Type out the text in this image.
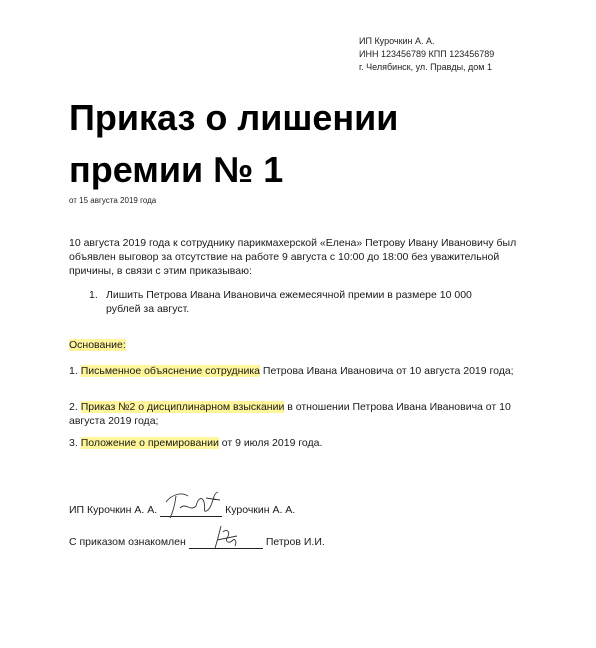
ИП Курочкин А. А.
ИНН 123456789 КПП 123456789
г. Челябинск, ул. Правды, дом 1
Приказ о лишении
премии № 1
от 15 августа 2019 года
10 августа 2019 года к сотруднику парикмахерской «Елена» Петрову Ивану Ивановичу был объявлен выговор за отсутствие на работе 9 августа с 10:00 до 18:00 без уважительной причины, в связи с этим приказываю:
1. Лишить Петрова Ивана Ивановича ежемесячной премии в размере 10 000 рублей за август.
Основание:
1. Письменное объяснение сотрудника Петрова Ивана Ивановича от 10 августа 2019 года;
2. Приказ №2 о дисциплинарном взыскании в отношении Петрова Ивана Ивановича от 10 августа 2019 года;
3. Положение о премировании от 9 июля 2019 года.
ИП Курочкин А. А.	Курочкин А. А.
С приказом ознакомлен	Петров И.И.
